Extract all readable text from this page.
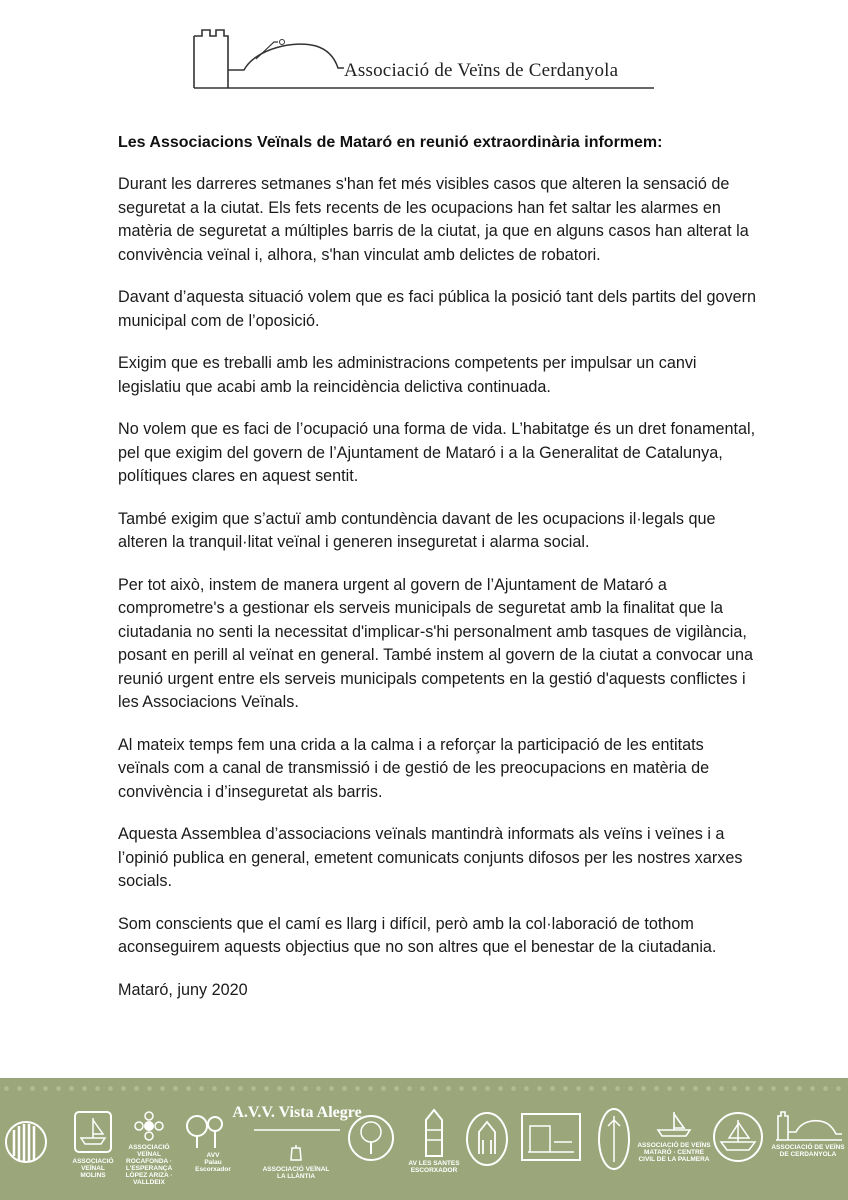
Associació de Veïns de Cerdanyola
Les Associacions Veïnals de Mataró en reunió extraordinària informem:

Durant les darreres setmanes s'han fet més visibles casos que alteren la sensació de seguretat a la ciutat. Els fets recents de les ocupacions han fet saltar les alarmes en matèria de seguretat a múltiples barris de la ciutat, ja que en alguns casos han alterat la convivència veïnal i, alhora, s'han vinculat amb delictes de robatori.

Davant d’aquesta situació volem que es faci pública la posició tant dels partits del govern municipal com de l’oposició.

Exigim que es treballi amb les administracions competents per impulsar un canvi legislatiu que acabi amb la reincidència delictiva continuada.

No volem que es faci de l’ocupació una forma de vida. L’habitatge és un dret fonamental, pel que exigim del govern de l’Ajuntament de Mataró i a la Generalitat de Catalunya, polítiques clares en aquest sentit.

També exigim que s’actuï amb contundència davant de les ocupacions il·legals que alteren la tranquil·litat veïnal i generen inseguretat i alarma social.

Per tot això, instem de manera urgent al govern de l’Ajuntament de Mataró a comprometre's a gestionar els serveis municipals de seguretat amb la finalitat que la ciutadania no senti la necessitat d'implicar-s'hi personalment amb tasques de vigilància, posant en perill al veïnat en general. També instem al govern de la ciutat a convocar una reunió urgent entre els serveis municipals competents en la gestió d'aquests conflictes i les Associacions Veïnals.

Al mateix temps fem una crida a la calma i a reforçar la participació de les entitats veïnals com a canal de transmissió i de gestió de les preocupacions en matèria de convivència i d’inseguretat als barris.

Aquesta Assemblea d’associacions veïnals mantindrà informats als veïns i veïnes i a l’opinió publica en general, emetent comunicats conjunts difosos per les nostres xarxes socials.

Som conscients que el camí es llarg i difícil, però amb la col·laboració de tothom aconseguirem aquests objectius que no son altres que el benestar de la ciutadania.

Mataró, juny 2020

ASSOCIACIÓ
VEÏNAL
MOLINS
ASSOCIACIÓ VEÏNAL
ROCAFONDA · L'ESPERANÇA
LÒPEZ ARIZA · VALLDEIX
AVV
Palau
Escorxador
A.V.V. Vista Alegre
ASSOCIACIÓ VEÏNAL
LA LLÀNTIA
AV LES SANTES
ESCORXADOR
ASSOCIACIÓ DE VEÏNS
MATARÓ · CENTRE
CIVIL DE LA PALMERA
ASSOCIACIÓ DE VEÏNS
DE CERDANYOLA
